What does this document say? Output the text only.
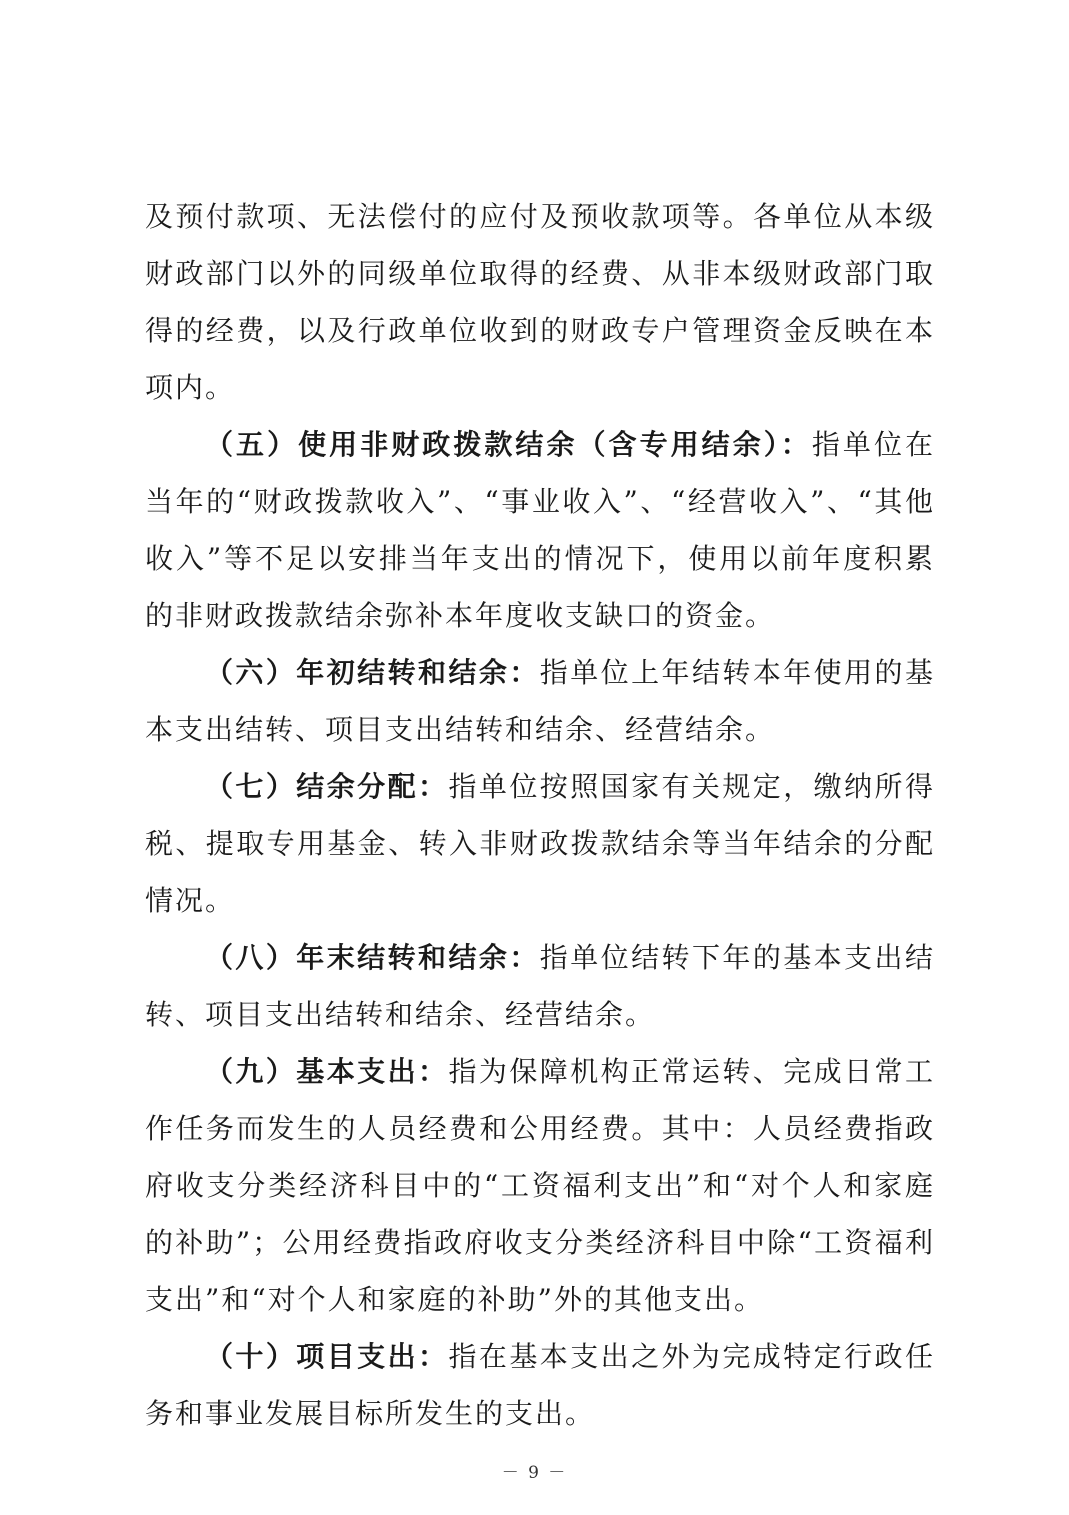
及预付款项、无法偿付的应付及预收款项等。各单位从本级财政部门以外的同级单位取得的经费、从非本级财政部门取得的经费，以及行政单位收到的财政专户管理资金反映在本项内。

（五）使用非财政拨款结余（含专用结余）：指单位在当年的“财政拨款收入”、“事业收入”、“经营收入”、“其他收入”等不足以安排当年支出的情况下，使用以前年度积累的非财政拨款结余弥补本年度收支缺口的资金。

（六）年初结转和结余：指单位上年结转本年使用的基本支出结转、项目支出结转和结余、经营结余。

（七）结余分配：指单位按照国家有关规定，缴纳所得税、提取专用基金、转入非财政拨款结余等当年结余的分配情况。

（八）年末结转和结余：指单位结转下年的基本支出结转、项目支出结转和结余、经营结余。

（九）基本支出：指为保障机构正常运转、完成日常工作任务而发生的人员经费和公用经费。其中：人员经费指政府收支分类经济科目中的“工资福利支出”和“对个人和家庭的补助”；公用经费指政府收支分类经济科目中除“工资福利支出”和“对个人和家庭的补助”外的其他支出。

（十）项目支出：指在基本支出之外为完成特定行政任务和事业发展目标所发生的支出。

－ 9 －
